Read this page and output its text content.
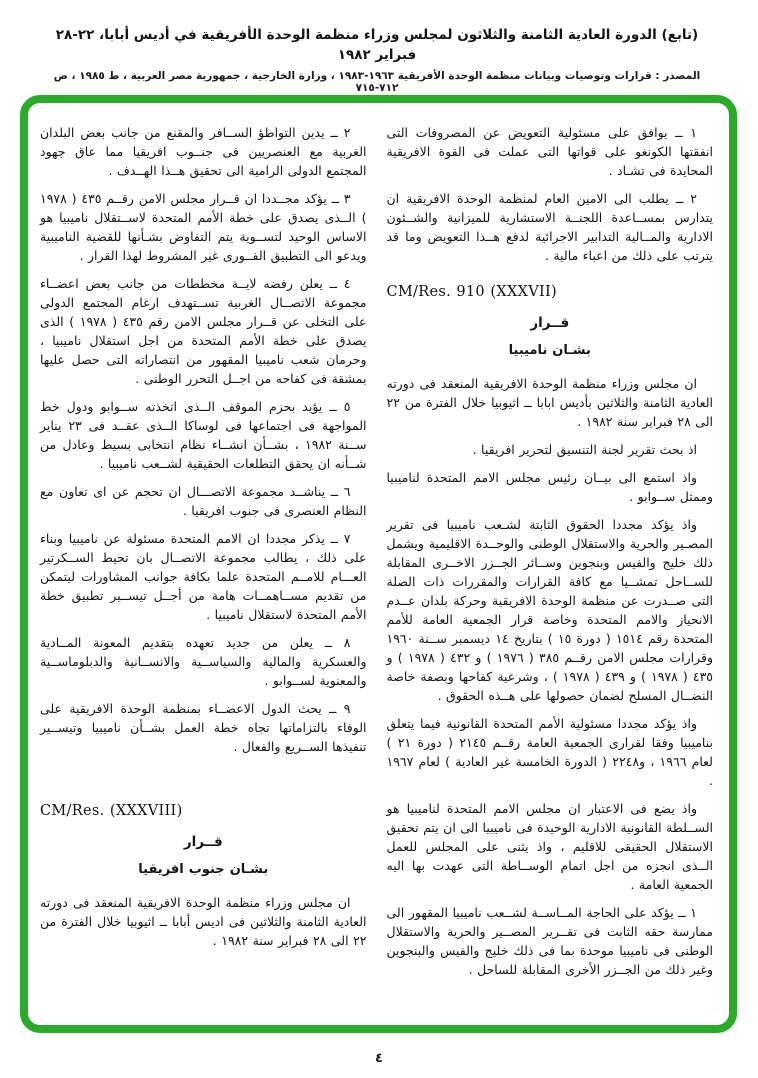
(تابع) الدورة العادية الثامنة والثلاثون لمجلس وزراء منظمة الوحدة الأفريقية في أديس أبابا، ٢٢-٢٨ فبراير ١٩٨٢
المصدر : قرارات وتوصيات وبيانات منظمة الوحدة الأفريقية ١٩٦٣-١٩٨٣ ، وزارة الخارجية ، جمهورية مصر العربية ، ط ١٩٨٥ ، ص ٧١٢-٧١٥

١ ــ يوافق على مسئولية التعويض عن المصروفات التى انفقتها الكونغو على قواتها التى عملت فى القوة الافريقية المحايدة فى تشـاد .

٢ ــ يطلب الى الامين العام لمنظمة الوحدة الافريقية ان يتدارس بمســاعدة اللجنــة الاستشارية للميزانية والشــئون الادارية والمــالية التدابير الاجرائية لدفع هــذا التعويض وما قد يترتب على ذلك من اعباء مالية .

CM/Res. 910 (XXXVII)

قــرار

بشـان ناميبيا

ان مجلس وزراء منظمة الوحدة الافريقية المنعقد فى دورته العادية الثامنة والثلاثين بأديس ابابا ــ اثيوبيا خلال الفترة من ٢٢ الى ٢٨ فبراير سنة ١٩٨٢ .

اذ بحث تقرير لجنة التنسيق لتحرير افريقيا .

واذ استمع الى بيــان رئيس مجلس الامم المتحدة لناميبيا وممثل ســوابو .

واذ يؤكد مجددا الحقوق الثابتة لشـعب ناميبيا فى تقرير المصـير والحرية والاستقلال الوطنى والوحــدة الاقليمية ويشمل ذلك خليج والفيس وبنجوين وســائر الجــزر الاخــرى المقابلة للســاحل تمشــيا مع كافة القرارات والمقررات ذات الصلة التى صــدرت عن منظمة الوحدة الافريقية وحركة بلدان عــدم الانحياز والامم المتحدة وخاصة قرار الجمعية العامة للأمم المتحدة رقم ١٥١٤ ( دورة ١٥ ) بتاريخ ١٤ ديسمبر ســنة ١٩٦٠ وقرارات مجلس الامن رقــم ٣٨٥ ( ١٩٧٦ ) و ٤٣٢ ( ١٩٧٨ ) و ٤٣٥ ( ١٩٧٨ ) و ٤٣٩ ( ١٩٧٨ ) ، وشرعية كفاحها وبصفة خاصة النضــال المسلح لضمان حصولها على هــذه الحقوق .

واذ يؤكد مجددا مسئولية الأمم المتحدة القانونية فيما يتعلق بناميبيا وفقا لقرارى الجمعية العامة رقــم ٢١٤٥ ( دورة ٢١ ) لعام ١٩٦٦ ، و٢٢٤٨ ( الدورة الخامسة غير العادية ) لعام ١٩٦٧ .

واذ يضع فى الاعتبار ان مجلس الامم المتحدة لناميبيا هو الســلطة القانونية الادارية الوحيدة فى ناميبيا الى ان يتم تحقيق الاستقلال الحقيقى للاقليم ، واذ يثنى على المجلس للعمل الــذى انجزه من اجل اتمام الوســاطة التى عهدت بها اليه الجمعية العامة .

١ ــ يؤكد على الحاجة المــاســة لشــعب ناميبيا المقهور الى ممارسة حقه الثابت فى تقــرير المصــير والحرية والاستقلال الوطنى فى ناميبيا موحدة بما فى ذلك خليج والفيس والبنجوين وغير ذلك من الجــزر الأخرى المقابلة للساحل .

٢ ــ يدين التواطؤ الســافر والمقنع من جانب بعض البلدان الغربية مع العنصريين فى جنــوب افريقيا مما عاق جهود المجتمع الدولى الرامية الى تحقيق هــذا الهــدف .

٣ ــ يؤكد مجــددا ان قــرار مجلس الامن رقــم ٤٣٥ ( ١٩٧٨ ) الــذى يصدق على خطة الأمم المتحدة لاســتقلال ناميبيا هو الاساس الوحيد لتســوية يتم التفاوض بشـأنها للقضية الناميبية ويدعو الى التطبيق الفــورى غير المشروط لهذا القرار .

٤ ــ يعلن رفضه لايــة مخططات من جانب بعض اعضــاء مجموعة الاتصــال الغربية تســتهدف ارغام المجتمع الدولى على التخلى عن قــرار مجلس الامن رقم ٤٣٥ ( ١٩٧٨ ) الذى يصدق على خطة الأمم المتحدة من اجل استقلال ناميبيا ، وحرمان شعب ناميبيا المقهور من انتصاراته التى حصل عليها بمشقة فى كفاحه من اجــل التحرر الوطنى .

٥ ــ يؤيد بحزم الموقف الــذى اتخذته ســوابو ودول خط المواجهة فى اجتماعها فى لوساكا الــذى عقــد فى ٢٣ يناير ســنة ١٩٨٢ ، بشــأن انشــاء نظام انتخابى بسيط وعادل من شــأنه ان يحقق التطلعات الحقيقية لشــعب ناميبيا .

٦ ــ يناشــد مجموعة الاتصـــال ان تحجم عن اى تعاون مع النظام العنصرى فى جنوب افريقيا .

٧ ــ يذكر مجددا ان الامم المتحدة مسئولة عن ناميبيا وبناء على ذلك ، يطالب مجموعة الاتصــال بان تحيط الســكرتير العـــام للامــم المتحدة علما بكافة جوانب المشاورات ليتمكن من تقديم مســاهمــات هامة من أجــل تيســير تطبيق خطة الأمم المتحدة لاستقلال ناميبيا .

٨ ــ يعلن من جديد تعهده بتقديم المعونة المــادية والعسكرية والمالية والسياســية والانســانية والدبلوماســية والمعنوية لســوابو .

٩ ــ يحث الدول الاعضــاء بمنظمة الوحدة الافريقية على الوفاء بالتزاماتها تجاه خطة العمل بشــأن ناميبيا وتيســير تنفيذها الســريع والفعال .

CM/Res. (XXXVIII)

قــرار

بشـان جنوب افريقيا

ان مجلس وزراء منظمة الوحدة الافريقية المنعقد فى دورته العادية الثامنة والثلاثين فى اديس أبابا ــ اثيوبيا خلال الفترة من ٢٢ الى ٢٨ فبراير سنة ١٩٨٢ .

٤
